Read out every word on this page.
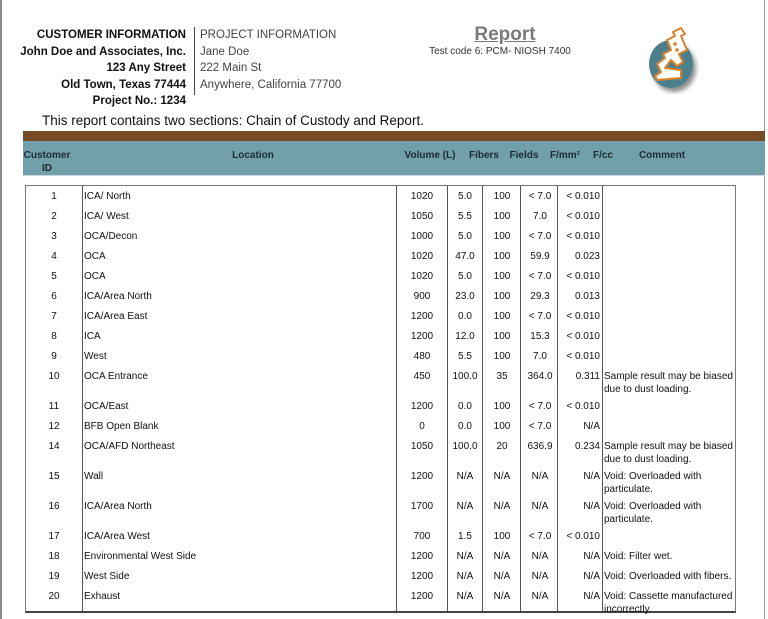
CUSTOMER INFORMATION
John Doe and Associates, Inc.
123 Any Street
Old Town, Texas 77444
Project No.: 1234
PROJECT INFORMATION
Jane Doe
222 Main St
Anywhere, California 77700
Report
Test code 6: PCM- NIOSH 7400
This report contains two sections: Chain of Custody and Report.
Customer
ID
Location	Volume (L)	Fibers	Fields	F/mm²	F/cc	Comment
1	ICA/ North	1020	5.0	100	< 7.0	< 0.010
2	ICA/ West	1050	5.5	100	7.0	< 0.010
3	OCA/Decon	1000	5.0	100	< 7.0	< 0.010
4	OCA	1020	47.0	100	59.9	0.023
5	OCA	1020	5.0	100	< 7.0	< 0.010
6	ICA/Area North	900	23.0	100	29.3	0.013
7	ICA/Area East	1200	0.0	100	< 7.0	< 0.010
8	ICA	1200	12.0	100	15.3	< 0.010
9	West	480	5.5	100	7.0	< 0.010
10	OCA Entrance	450	100.0	35	364.0	0.311 Sample result may be biased due to dust loading.
11	OCA/East	1200	0.0	100	< 7.0	< 0.010
12	BFB Open Blank	0	0.0	100	< 7.0	N/A
14	OCA/AFD Northeast	1050	100.0	20	636.9	0.234 Sample result may be biased due to dust loading.
15	Wall	1200	N/A	N/A	N/A	N/A Void: Overloaded with particulate.
16	ICA/Area North	1700	N/A	N/A	N/A	N/A Void: Overloaded with particulate.
17	ICA/Area West	700	1.5	100	< 7.0	< 0.010
18	Environmental West Side	1200	N/A	N/A	N/A	N/A Void: Filter wet.
19	West Side	1200	N/A	N/A	N/A	N/A Void: Overloaded with fibers.
20	Exhaust	1200	N/A	N/A	N/A	N/A Void: Cassette manufactured incorrectly.
